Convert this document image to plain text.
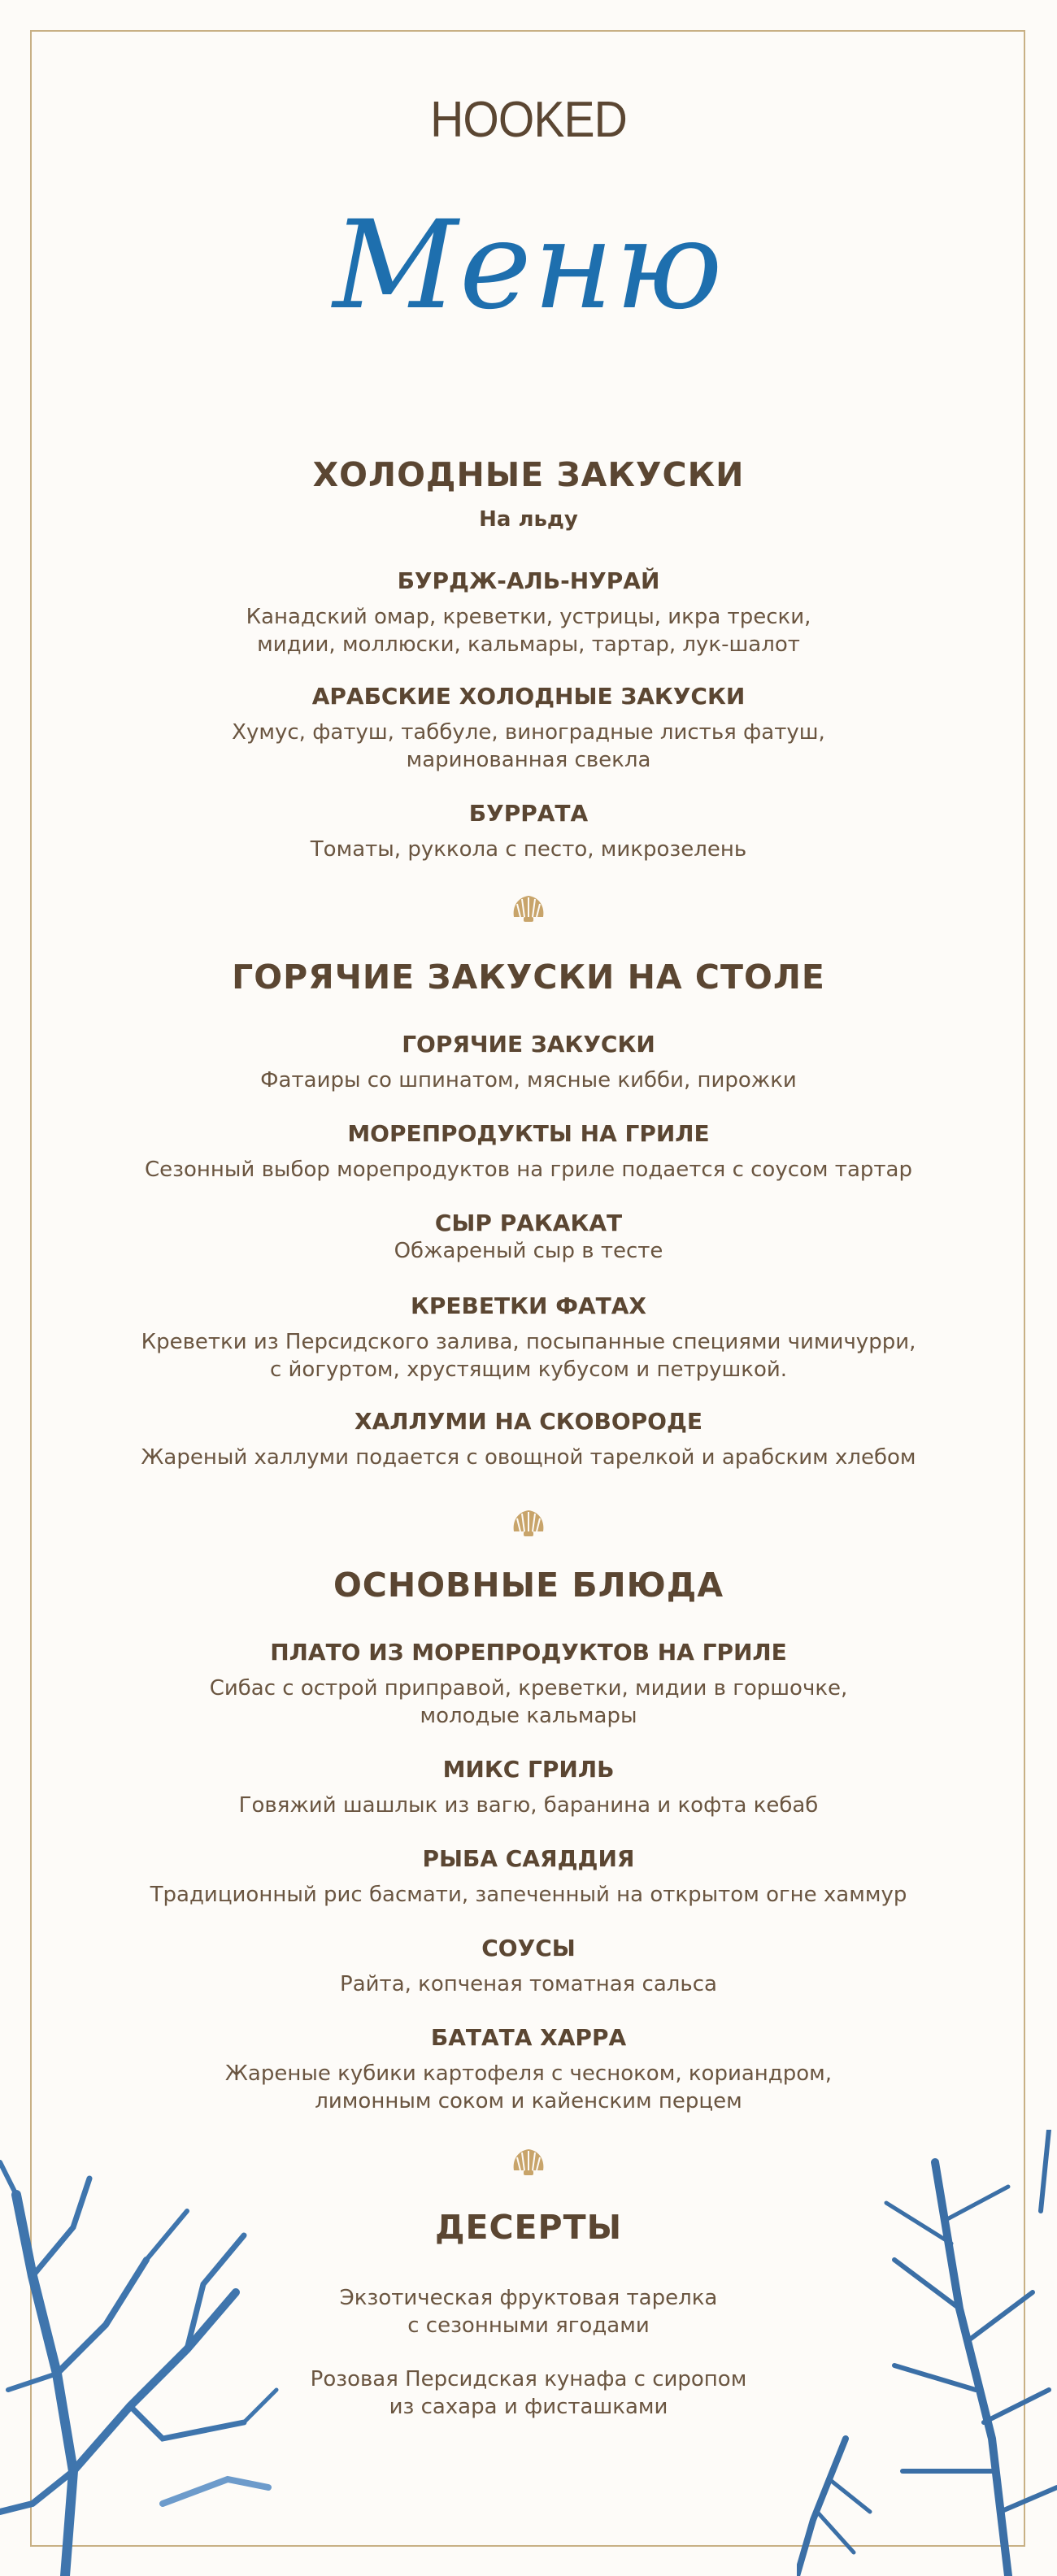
HOOKED
Меню
ХОЛОДНЫЕ ЗАКУСКИ
На льду
БУРДЖ-АЛЬ-НУРАЙ
Канадский омар, креветки, устрицы, икра трески,
мидии, моллюски, кальмары, тартар, лук-шалот
АРАБСКИЕ ХОЛОДНЫЕ ЗАКУСКИ
Хумус, фатуш, таббуле, виноградные листья фатуш,
маринованная свекла
БУРРАТА
Томаты, руккола с песто, микрозелень
ГОРЯЧИЕ ЗАКУСКИ НА СТОЛЕ
ГОРЯЧИЕ ЗАКУСКИ
Фатаиры со шпинатом, мясные кибби, пирожки
МОРЕПРОДУКТЫ НА ГРИЛЕ
Сезонный выбор морепродуктов на гриле подается с соусом тартар
СЫР РАКАКАТ
Обжареный сыр в тесте
КРЕВЕТКИ ФАТАХ
Креветки из Персидского залива, посыпанные специями чимичурри,
с йогуртом, хрустящим кубусом и петрушкой.
ХАЛЛУМИ НА СКОВОРОДЕ
Жареный халлуми подается с овощной тарелкой и арабским хлебом
ОСНОВНЫЕ БЛЮДА
ПЛАТО ИЗ МОРЕПРОДУКТОВ НА ГРИЛЕ
Сибас с острой приправой, креветки, мидии в горшочке,
молодые кальмары
МИКС ГРИЛЬ
Говяжий шашлык из вагю, баранина и кофта кебаб
РЫБА САЯДДИЯ
Традиционный рис басмати, запеченный на открытом огне хаммур
СОУСЫ
Райта, копченая томатная сальса
БАТАТА ХАРРА
Жареные кубики картофеля с чесноком, кориандром,
лимонным соком и кайенским перцем
ДЕСЕРТЫ
Экзотическая фруктовая тарелка
с сезонными ягодами
Розовая Персидская кунафа с сиропом
из сахара и фисташками
